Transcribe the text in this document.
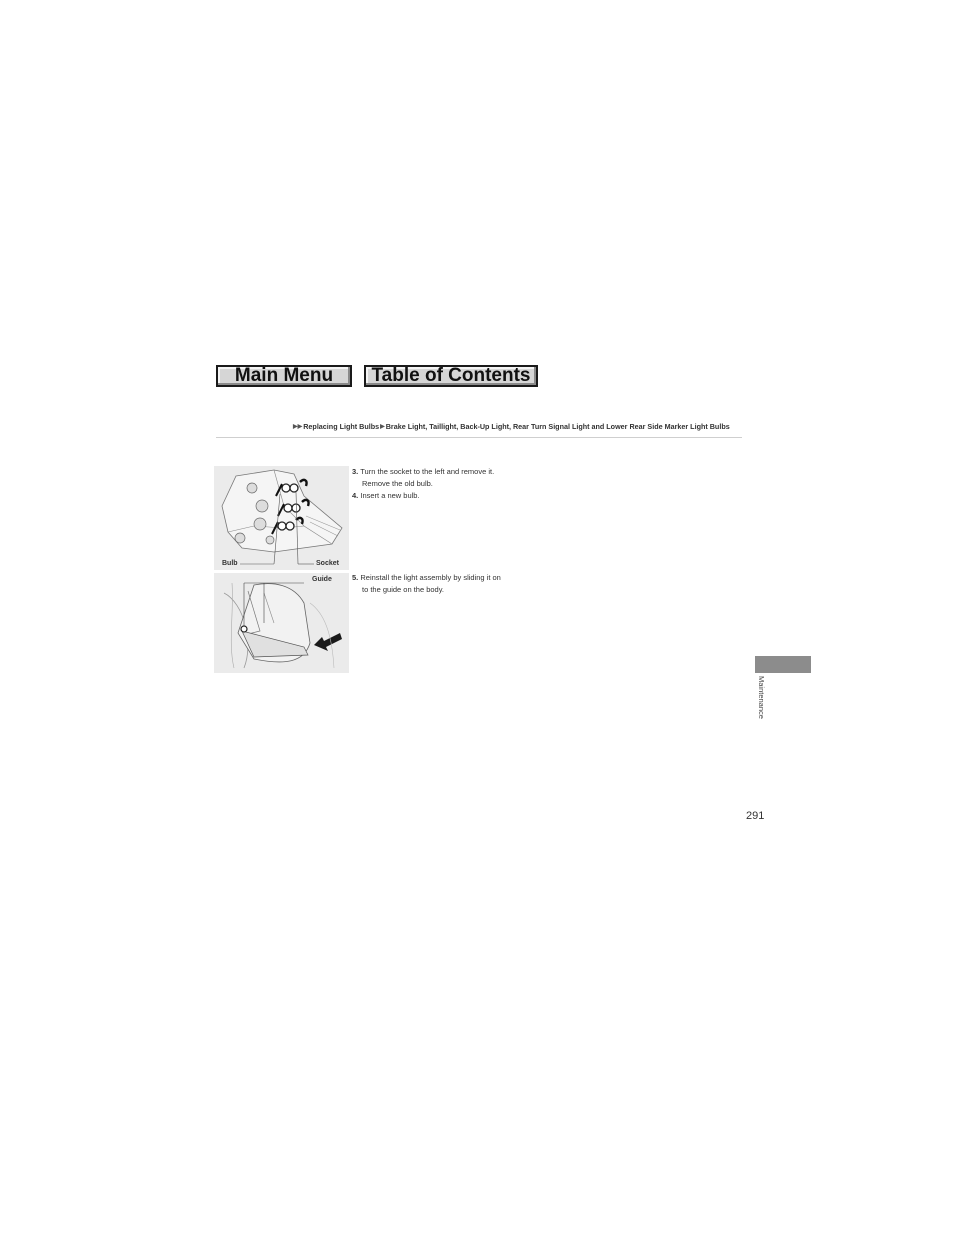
Main Menu	Table of Contents
▶▶ Replacing Light Bulbs ▶ Brake Light, Taillight, Back-Up Light, Rear Turn Signal Light and Lower Rear Side Marker Light Bulbs
Bulb	Socket
Guide
3. Turn the socket to the left and remove it.
Remove the old bulb.
4. Insert a new bulb.
5. Reinstall the light assembly by sliding it on
to the guide on the body.
Maintenance
291
